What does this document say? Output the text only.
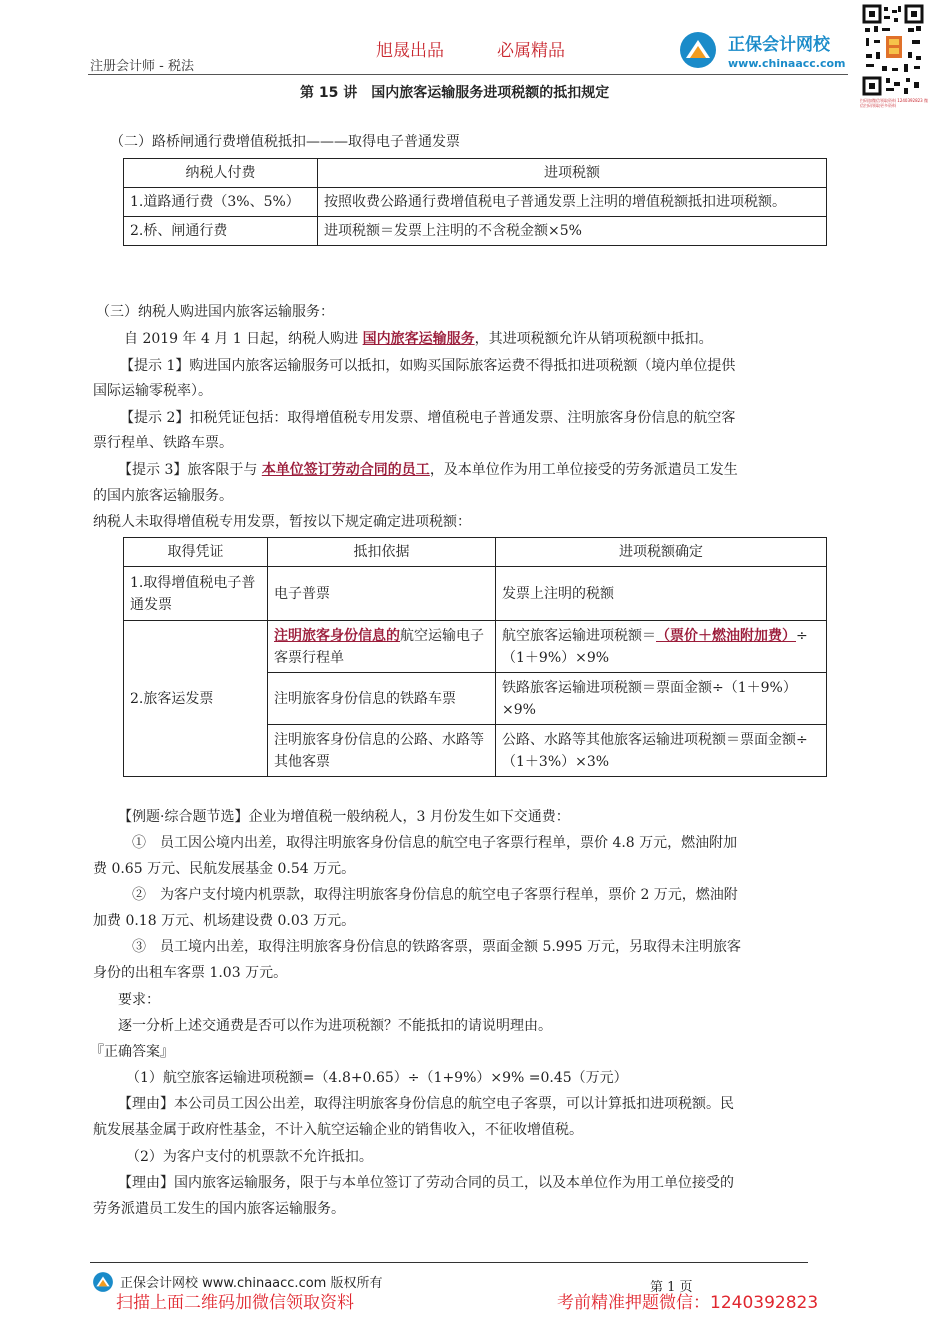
旭晟出品	必属精品
注册会计师 - 税法
正保会计网校
www.chinaacc.com
扫码加微信领取资料 1240392823 微信扫码领取更多资料
第 15 讲　国内旅客运输服务进项税额的抵扣规定

（二）路桥闸通行费增值税抵扣———取得电子普通发票

纳税人付费	进项税额
1.道路通行费（3%、5%）	按照收费公路通行费增值税电子普通发票上注明的增值税额抵扣进项税额。
2.桥、闸通行费	进项税额＝发票上注明的不含税金额×5%

（三）纳税人购进国内旅客运输服务：

自 2019 年 4 月 1 日起，纳税人购进 国内旅客运输服务，其进项税额允许从销项税额中抵扣。

【提示 1】购进国内旅客运输服务可以抵扣，如购买国际旅客运费不得抵扣进项税额（境内单位提供

国际运输零税率）。

【提示 2】扣税凭证包括：取得增值税专用发票、增值税电子普通发票、注明旅客身份信息的航空客

票行程单、铁路车票。

【提示 3】旅客限于与 本单位签订劳动合同的员工，及本单位作为用工单位接受的劳务派遣员工发生

的国内旅客运输服务。

纳税人未取得增值税专用发票，暂按以下规定确定进项税额：

取得凭证	抵扣依据	进项税额确定
1.取得增值税电子普通发票	电子普票	发票上注明的税额
2.旅客运发票	注明旅客身份信息的航空运输电子客票行程单	航空旅客运输进项税额＝（票价＋燃油附加费）÷（1＋9%）×9%
	注明旅客身份信息的铁路车票	铁路旅客运输进项税额＝票面金额÷（1＋9%）×9%
	注明旅客身份信息的公路、水路等其他客票	公路、水路等其他旅客运输进项税额＝票面金额÷（1＋3%）×3%

【例题·综合题节选】企业为增值税一般纳税人，3 月份发生如下交通费：

①　员工因公境内出差，取得注明旅客身份信息的航空电子客票行程单，票价 4.8 万元，燃油附加

费 0.65 万元、民航发展基金 0.54 万元。

②　为客户支付境内机票款，取得注明旅客身份信息的航空电子客票行程单，票价 2 万元，燃油附

加费 0.18 万元、机场建设费 0.03 万元。

③　员工境内出差，取得注明旅客身份信息的铁路客票，票面金额 5.995 万元，另取得未注明旅客

身份的出租车客票 1.03 万元。

要求：

逐一分析上述交通费是否可以作为进项税额？不能抵扣的请说明理由。

『正确答案』

（1）航空旅客运输进项税额=（4.8+0.65）÷（1+9%）×9% =0.45（万元）

【理由】本公司员工因公出差，取得注明旅客身份信息的航空电子客票，可以计算抵扣进项税额。民

航发展基金属于政府性基金，不计入航空运输企业的销售收入，不征收增值税。

（2）为客户支付的机票款不允许抵扣。

【理由】国内旅客运输服务，限于与本单位签订了劳动合同的员工，以及本单位作为用工单位接受的

劳务派遣员工发生的国内旅客运输服务。

正保会计网校 www.chinaacc.com 版权所有	第 1 页
扫描上面二维码加微信领取资料	考前精准押题微信：1240392823
